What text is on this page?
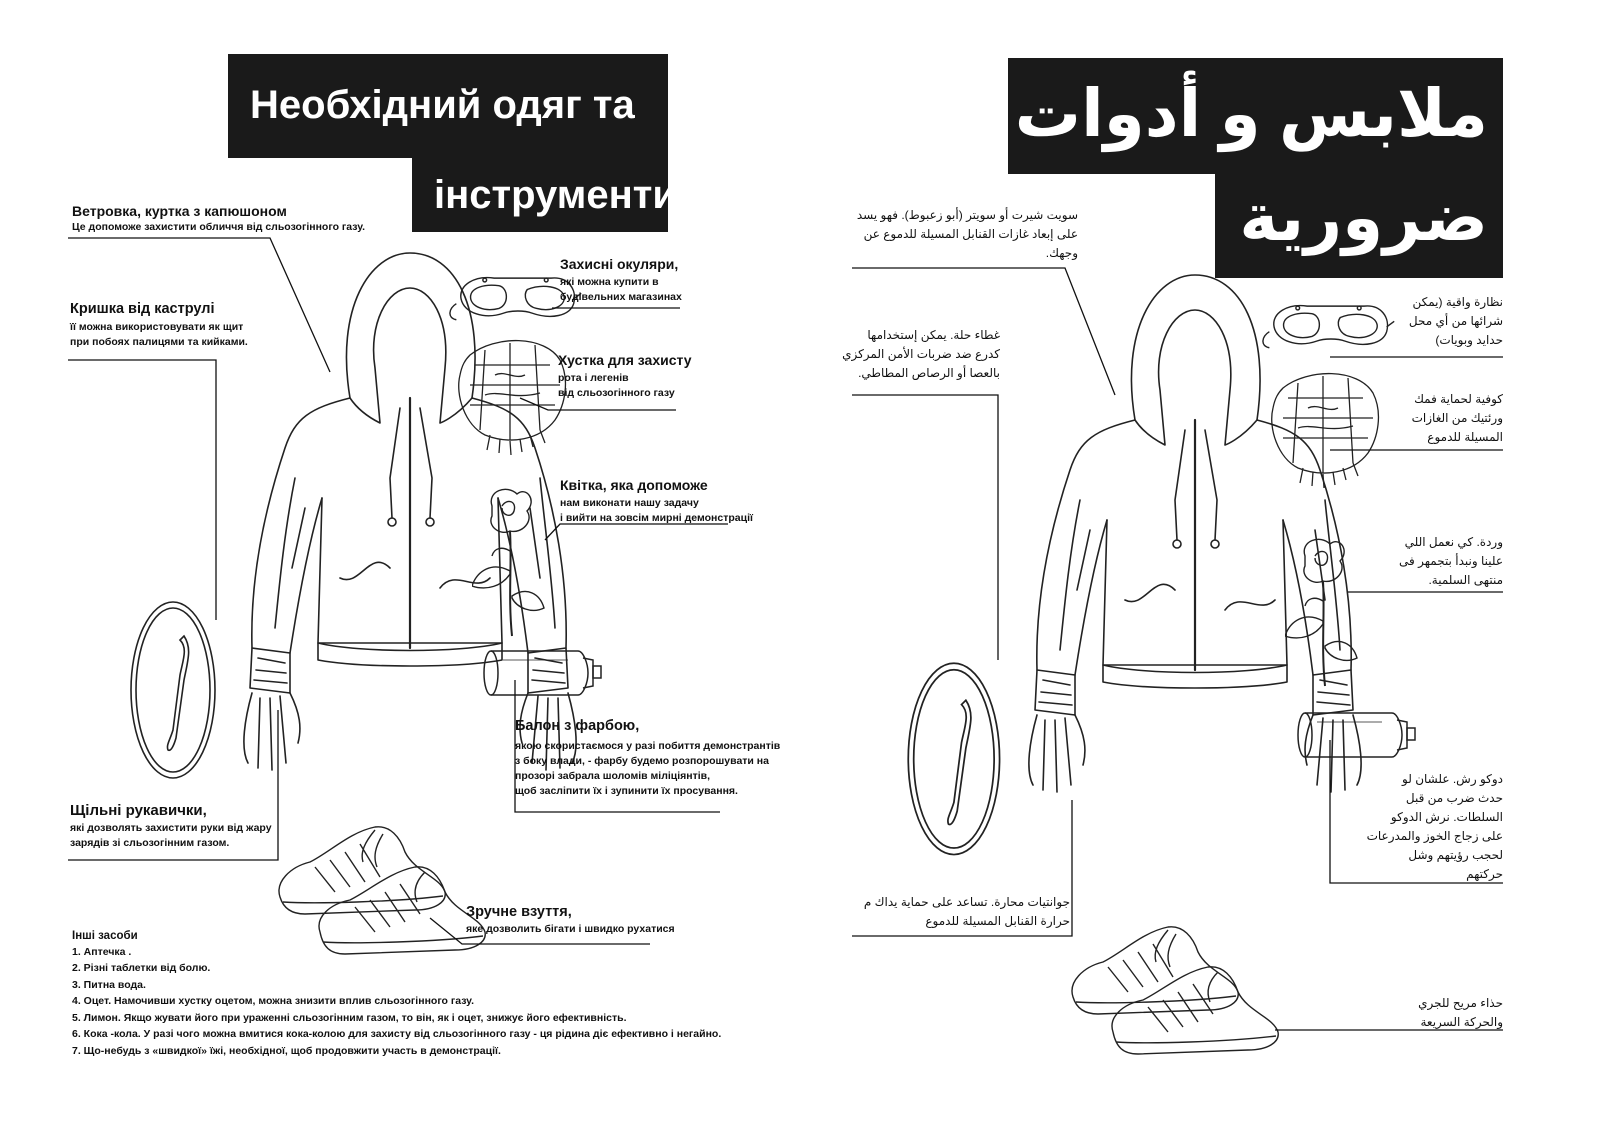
Необхідний одяг та
інструменти
Ветровка, куртка з капюшоном
Це допоможе захистити обличчя від сльозогінного газу.
Кришка від каструлі
її можна використовувати як щит
при побоях палицями та кийками.
Щільні рукавички,
які дозволять захистити руки від жару
зарядів зі сльозогінним газом.
Захисні окуляри,
які можна купити в
будівельних магазинах
Хустка для захисту
рота і легенів
від сльозогінного газу
Квітка, яка допоможе
нам виконати нашу задачу
і вийти на зовсім мирні демонстрації
Балон з фарбою,
якою скористаємося у разі побиття демонстрантів
з боку влади, - фарбу будемо розпорошувати на
прозорі забрала шоломів міліціянтів,
щоб засліпити їх і зупинити їх просування.
Зручне взуття,
яке дозволить бігати і швидко рухатися
Інші засоби
1. Аптечка .
2. Різні таблетки від болю.
3. Питна вода.
4. Оцет. Намочивши хустку оцетом, можна знизити вплив сльозогінного газу.
5. Лимон. Якщо жувати його при ураженні сльозогінним газом, то він, як і оцет, знижує його ефективність.
6. Кока -кола. У разі чого можна вмитися кока-колою для захисту від сльозогінного газу - ця рідина діє ефективно і негайно.
7. Що-небудь з «швидкої» їжі, необхідної, щоб продовжити участь в демонстрації.
ملابس و أدوات
ضرورية
سويت شيرت أو سويتر (أبو زعبوط). فهو يسد
على إبعاد غازات القنابل المسيلة للدموع عن
وجهك.
غطاء حلة. يمكن إستخدامها
كدرع ضد ضربات الأمن المركزي
بالعصا أو الرصاص المطاطي.
نظارة واقية (يمكن
شرائها من أي محل
حدايد وبويات)
كوفية لحماية فمك
ورئتيك من الغازات
المسيلة للدموع
وردة. كي نعمل اللي
علينا ونبدأ بتجمهر فى
منتهى السلمية.
دوكو رش. علشان لو
حدث ضرب من قبل
السلطات. نرش الدوكو
على زجاج الخوز والمدرعات
لحجب رؤيتهم وشل
حركتهم
جوانتيات محارة. تساعد على حماية يداك م
حرارة القنابل المسيلة للدموع
حذاء مريح للجري
والحركة السريعة
